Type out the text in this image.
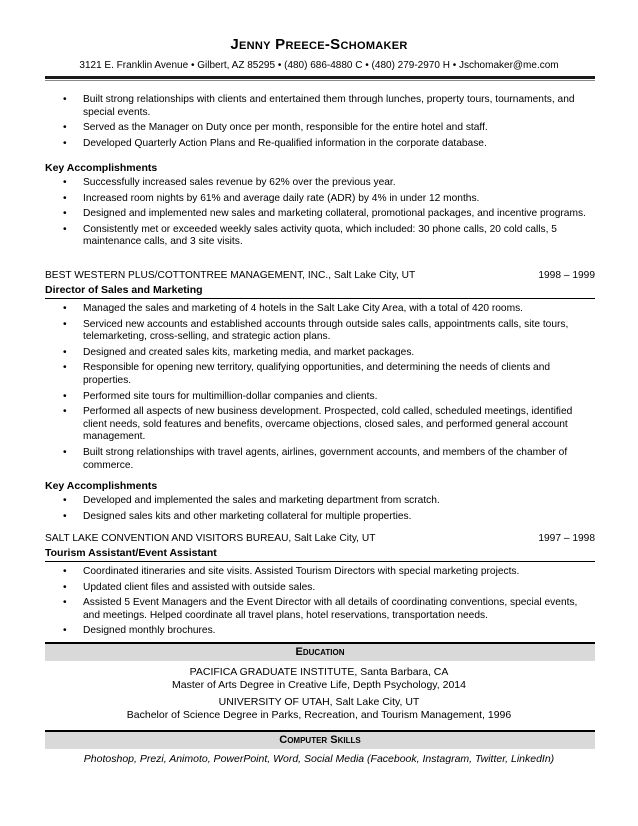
Jenny Preece-Schomaker
3121 E. Franklin Avenue • Gilbert, AZ 85295 • (480) 686-4880 C • (480) 279-2970 H • Jschomaker@me.com
• Built strong relationships with clients and entertained them through lunches, property tours, tournaments, and special events.
• Served as the Manager on Duty once per month, responsible for the entire hotel and staff.
• Developed Quarterly Action Plans and Re-qualified information in the corporate database.
Key Accomplishments
• Successfully increased sales revenue by 62% over the previous year.
• Increased room nights by 61% and average daily rate (ADR) by 4% in under 12 months.
• Designed and implemented new sales and marketing collateral, promotional packages, and incentive programs.
• Consistently met or exceeded weekly sales activity quota, which included: 30 phone calls, 20 cold calls, 5 maintenance calls, and 3 site visits.
BEST WESTERN PLUS/COTTONTREE MANAGEMENT, INC., Salt Lake City, UT	1998 – 1999
Director of Sales and Marketing
• Managed the sales and marketing of 4 hotels in the Salt Lake City Area, with a total of 420 rooms.
• Serviced new accounts and established accounts through outside sales calls, appointments calls, site tours, telemarketing, cross-selling, and strategic action plans.
• Designed and created sales kits, marketing media, and market packages.
• Responsible for opening new territory, qualifying opportunities, and determining the needs of clients and properties.
• Performed site tours for multimillion-dollar companies and clients.
• Performed all aspects of new business development. Prospected, cold called, scheduled meetings, identified client needs, sold features and benefits, overcame objections, closed sales, and performed general account management.
• Built strong relationships with travel agents, airlines, government accounts, and members of the chamber of commerce.
Key Accomplishments
• Developed and implemented the sales and marketing department from scratch.
• Designed sales kits and other marketing collateral for multiple properties.
SALT LAKE CONVENTION AND VISITORS BUREAU, Salt Lake City, UT	1997 – 1998
Tourism Assistant/Event Assistant
• Coordinated itineraries and site visits. Assisted Tourism Directors with special marketing projects.
• Updated client files and assisted with outside sales.
• Assisted 5 Event Managers and the Event Director with all details of coordinating conventions, special events, and meetings. Helped coordinate all travel plans, hotel reservations, transportation needs.
• Designed monthly brochures.
Education
PACIFICA GRADUATE INSTITUTE, Santa Barbara, CA
Master of Arts Degree in Creative Life, Depth Psychology, 2014
UNIVERSITY OF UTAH, Salt Lake City, UT
Bachelor of Science Degree in Parks, Recreation, and Tourism Management, 1996
Computer Skills
Photoshop, Prezi, Animoto, PowerPoint, Word, Social Media (Facebook, Instagram, Twitter, LinkedIn)
